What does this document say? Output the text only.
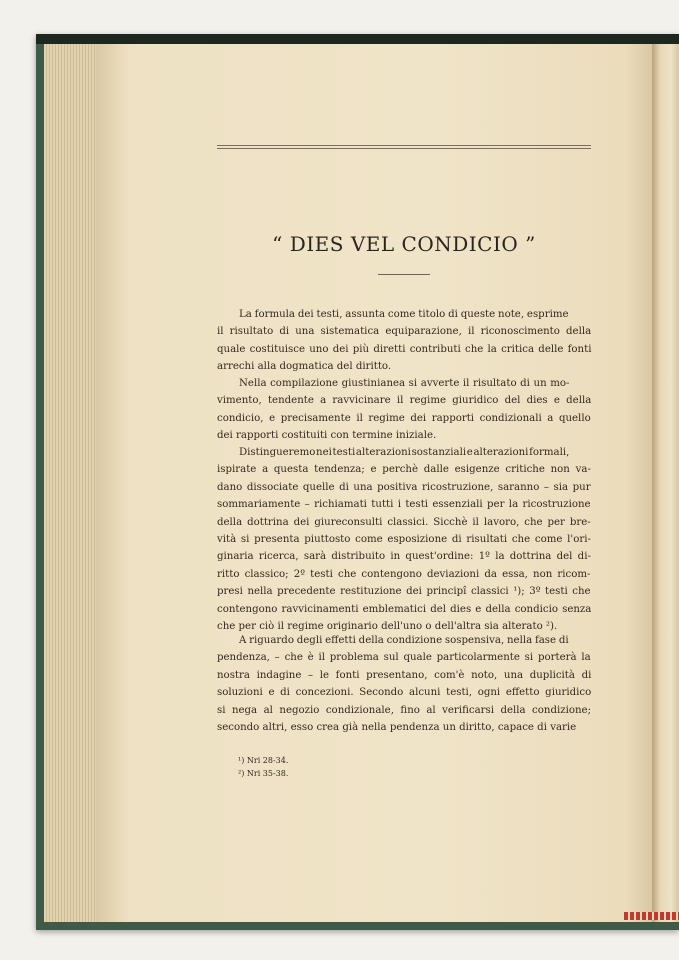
“ DIES VEL CONDICIO ”
La formula dei testi, assunta come titolo di queste note, esprime
il risultato di una sistematica equiparazione, il riconoscimento della
quale costituisce uno dei più diretti contributi che la critica delle fonti
arrechi alla dogmatica del diritto.
Nella compilazione giustinianea si avverte il risultato di un mo-
vimento, tendente a ravvicinare il regime giuridico del dies e della
condicio, e precisamente il regime dei rapporti condizionali a quello
dei rapporti costituiti con termine iniziale.
Distingueremo nei testi alterazioni sostanziali e alterazioni formali,
ispirate a questa tendenza; e perchè dalle esigenze critiche non va-
dano dissociate quelle di una positiva ricostruzione, saranno – sia pur
sommariamente – richiamati tutti i testi essenziali per la ricostruzione
della dottrina dei giureconsulti classici. Sicchè il lavoro, che per bre-
vità si presenta piuttosto come esposizione di risultati che come l'ori-
ginaria ricerca, sarà distribuito in quest'ordine: 1º la dottrina del di-
ritto classico; 2º testi che contengono deviazioni da essa, non ricom-
presi nella precedente restituzione dei principî classici ¹); 3º testi che
contengono ravvicinamenti emblematici del dies e della condicio senza
che per ciò il regime originario dell'uno o dell'altra sia alterato ²).
A riguardo degli effetti della condizione sospensiva, nella fase di
pendenza, – che è il problema sul quale particolarmente si porterà la
nostra indagine – le fonti presentano, com'è noto, una duplicità di
soluzioni e di concezioni. Secondo alcuni testi, ogni effetto giuridico
si nega al negozio condizionale, fino al verificarsi della condizione;
secondo altri, esso crea già nella pendenza un diritto, capace di varie
¹) Nri 28-34.
²) Nri 35-38.
